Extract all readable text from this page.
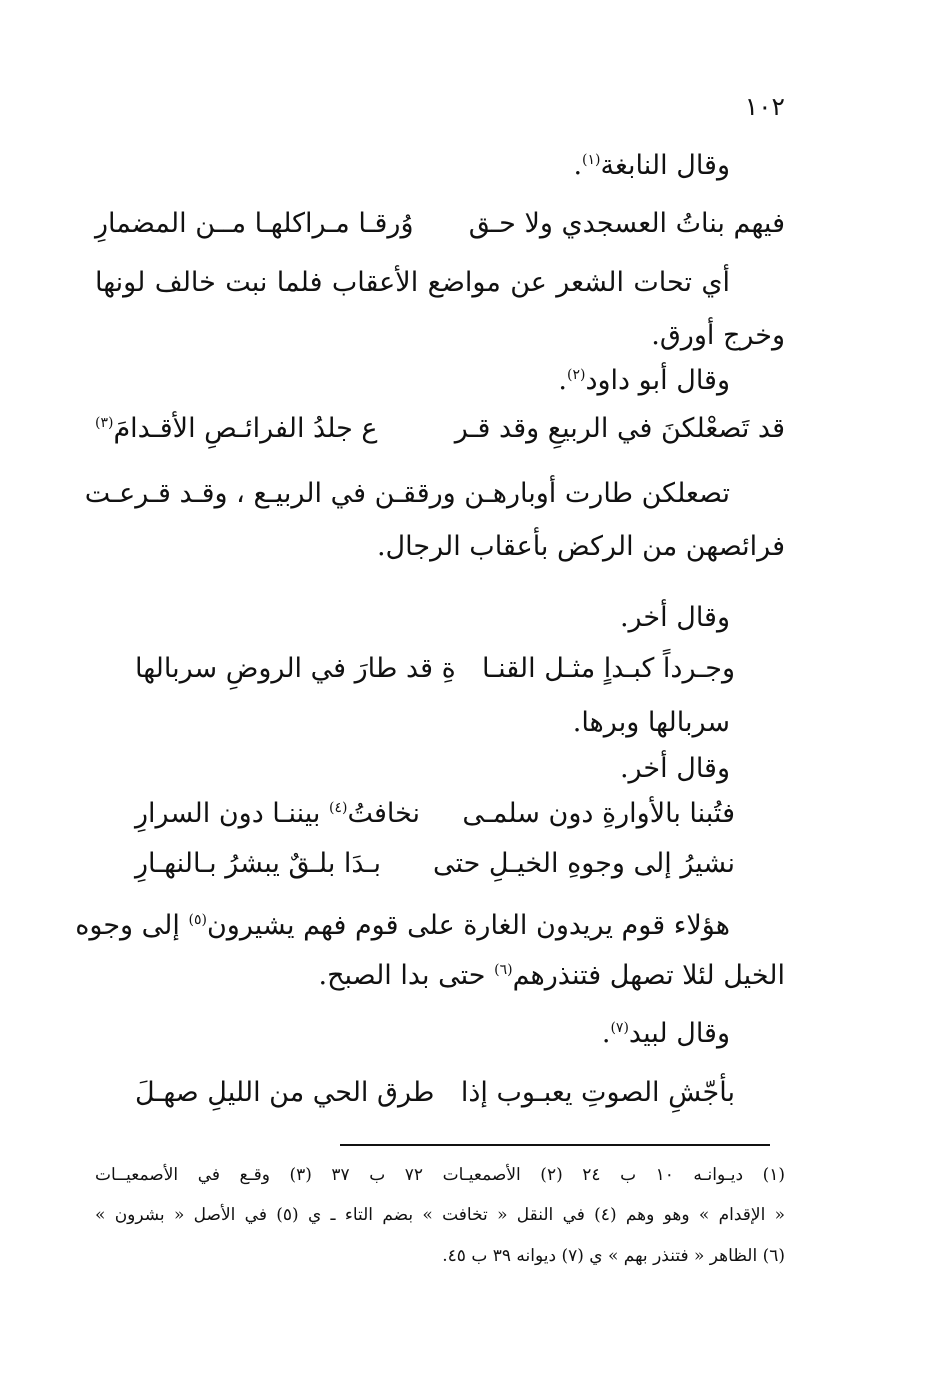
١٠٢
وقال النابغة$^{(١)}$.
فيهم بناتُ العسجدي ولا حـق
وُرقـا مـراكلهـا مــن المضمارِ
أي تحات الشعر عن مواضع الأعقاب فلما نبت خالف لونها
وخرج أورق.
وقال أبو داود$^{(٢)}$.
قد تَصعْلكنَ في الربيعِ وقد قـر
ع جلدُ الفرائـصِ الأقـدامَ$^{(٣)}$
تصعلكن طارت أوبارهـن ورققـن في الربيـع ، وقـد قـرعـت
فرائصهن من الركض بأعقاب الرجال.
وقال أخر.
وجـرداً كبـداٍ مثـل القنـا
ةِ قد طارَ في الروضِ سربالها
سربالها وبرها.
وقال أخر.
فتُبنا بالأوارةِ دون سلمـى
نخافتُ$^{(٤)}$ بيننـا دون السرارِ
نشيرُ إلى وجوهِ الخيـلِ حتى
بـدَا بلـقٌ يبشرُ بـالنهـارِ
هؤلاء قوم يريدون الغارة على قوم فهم يشيرون$^{(٥)}$ إلى وجوه
الخيل لئلا تصهل فتنذرهم$^{(٦)}$ حتى بدا الصبح.
وقال لبيد$^{(٧)}$.
بأجّشِ الصوتِ يعبـوب إذا
طرق الحي من الليلِ صهـلَ
(١) ديـوانـه ١٠ ب ٢٤ (٢) الأصمعيـات ٧٢ ب ٣٧ (٣) وقـع في الأصمعيــات
« الإقدام » وهو وهم (٤) في النقل « تخافت » بضم التاء ـ ي (٥) في الأصل « بشرون »
(٦) الظاهر « فتنذر بهم » ي (٧) ديوانه ٣٩ ب ٤٥.
